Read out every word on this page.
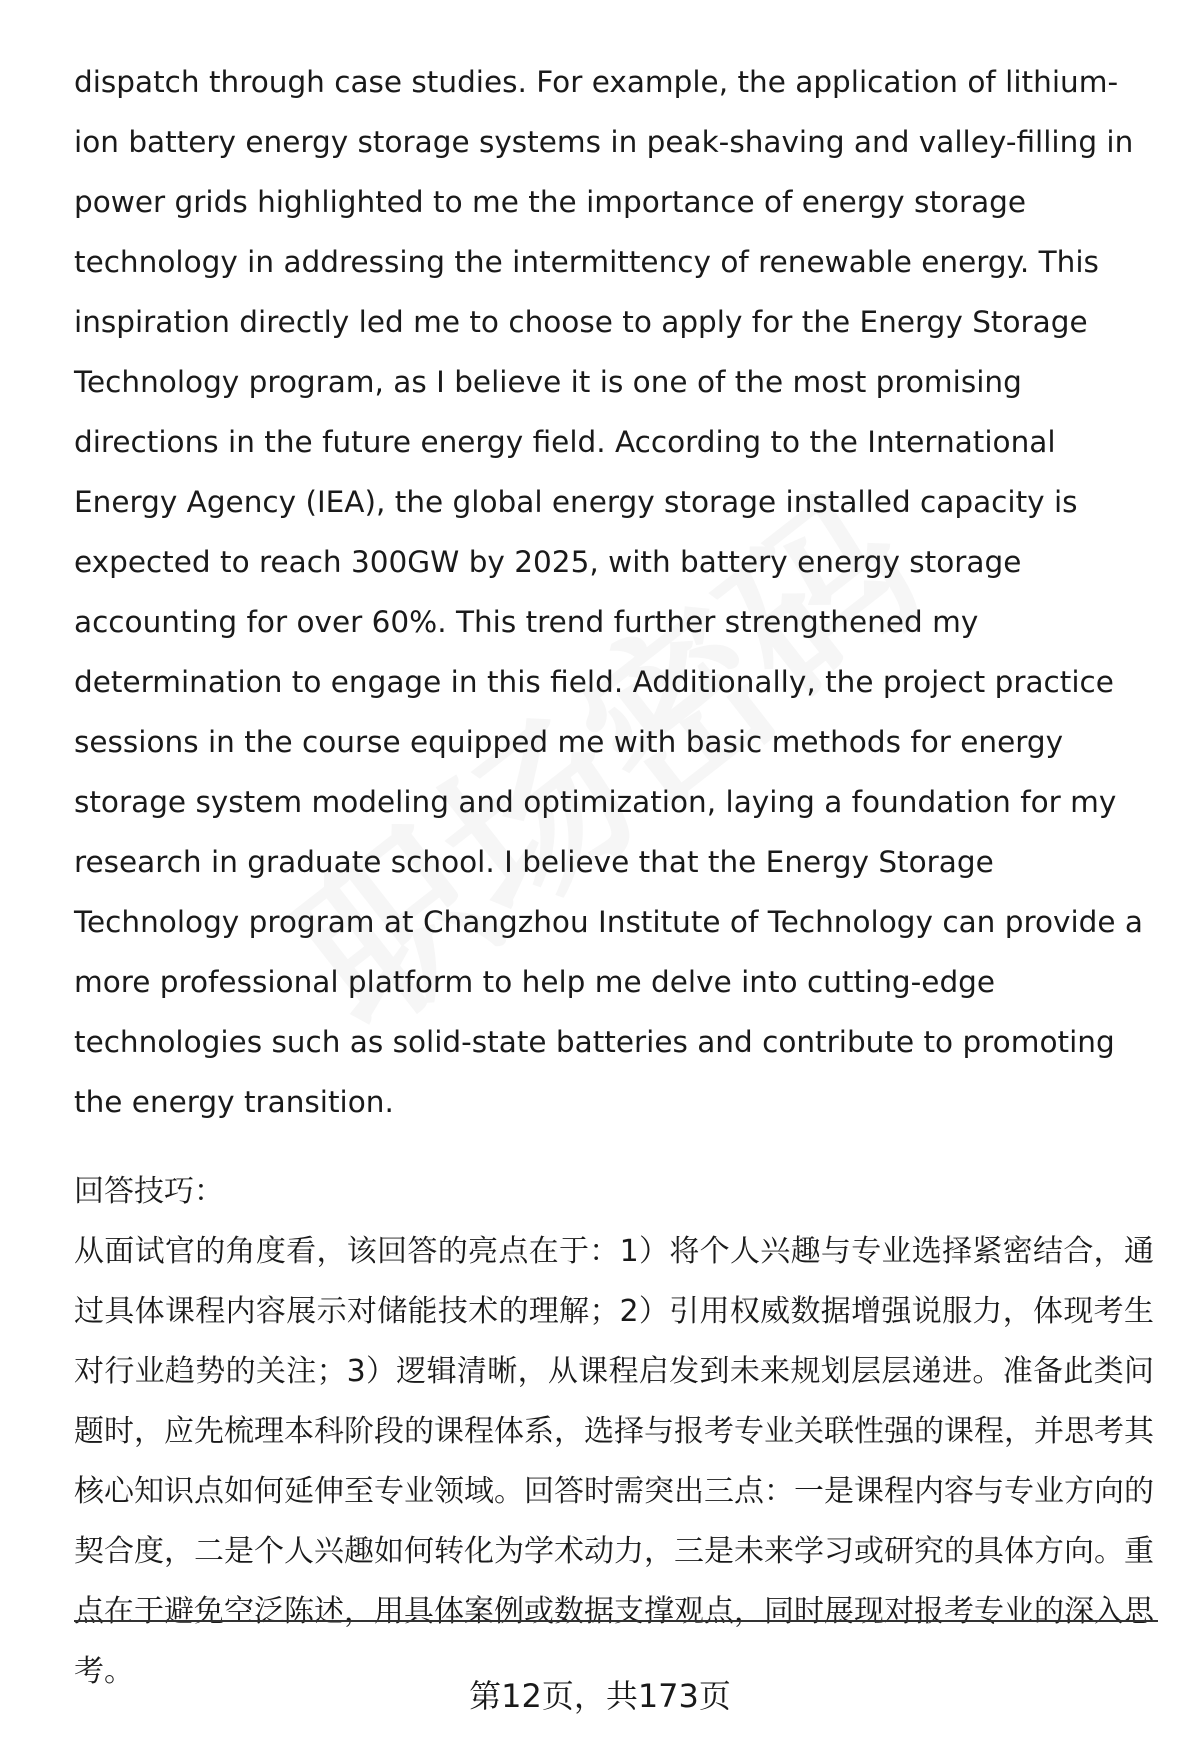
dispatch through case studies. For example, the application of lithium-ion battery energy storage systems in peak-shaving and valley-filling in power grids highlighted to me the importance of energy storage technology in addressing the intermittency of renewable energy. This inspiration directly led me to choose to apply for the Energy Storage Technology program, as I believe it is one of the most promising directions in the future energy field. According to the International Energy Agency (IEA), the global energy storage installed capacity is expected to reach 300GW by 2025, with battery energy storage accounting for over 60%. This trend further strengthened my determination to engage in this field. Additionally, the project practice sessions in the course equipped me with basic methods for energy storage system modeling and optimization, laying a foundation for my research in graduate school. I believe that the Energy Storage Technology program at Changzhou Institute of Technology can provide a more professional platform to help me delve into cutting-edge technologies such as solid-state batteries and contribute to promoting the energy transition.

回答技巧：

从面试官的角度看，该回答的亮点在于：1）将个人兴趣与专业选择紧密结合，通过具体课程内容展示对储能技术的理解；2）引用权威数据增强说服力，体现考生对行业趋势的关注；3）逻辑清晰，从课程启发到未来规划层层递进。准备此类问题时，应先梳理本科阶段的课程体系，选择与报考专业关联性强的课程，并思考其核心知识点如何延伸至专业领域。回答时需突出三点：一是课程内容与专业方向的契合度，二是个人兴趣如何转化为学术动力，三是未来学习或研究的具体方向。重点在于避免空泛陈述，用具体案例或数据支撑观点，同时展现对报考专业的深入思考。

第12页，共173页
